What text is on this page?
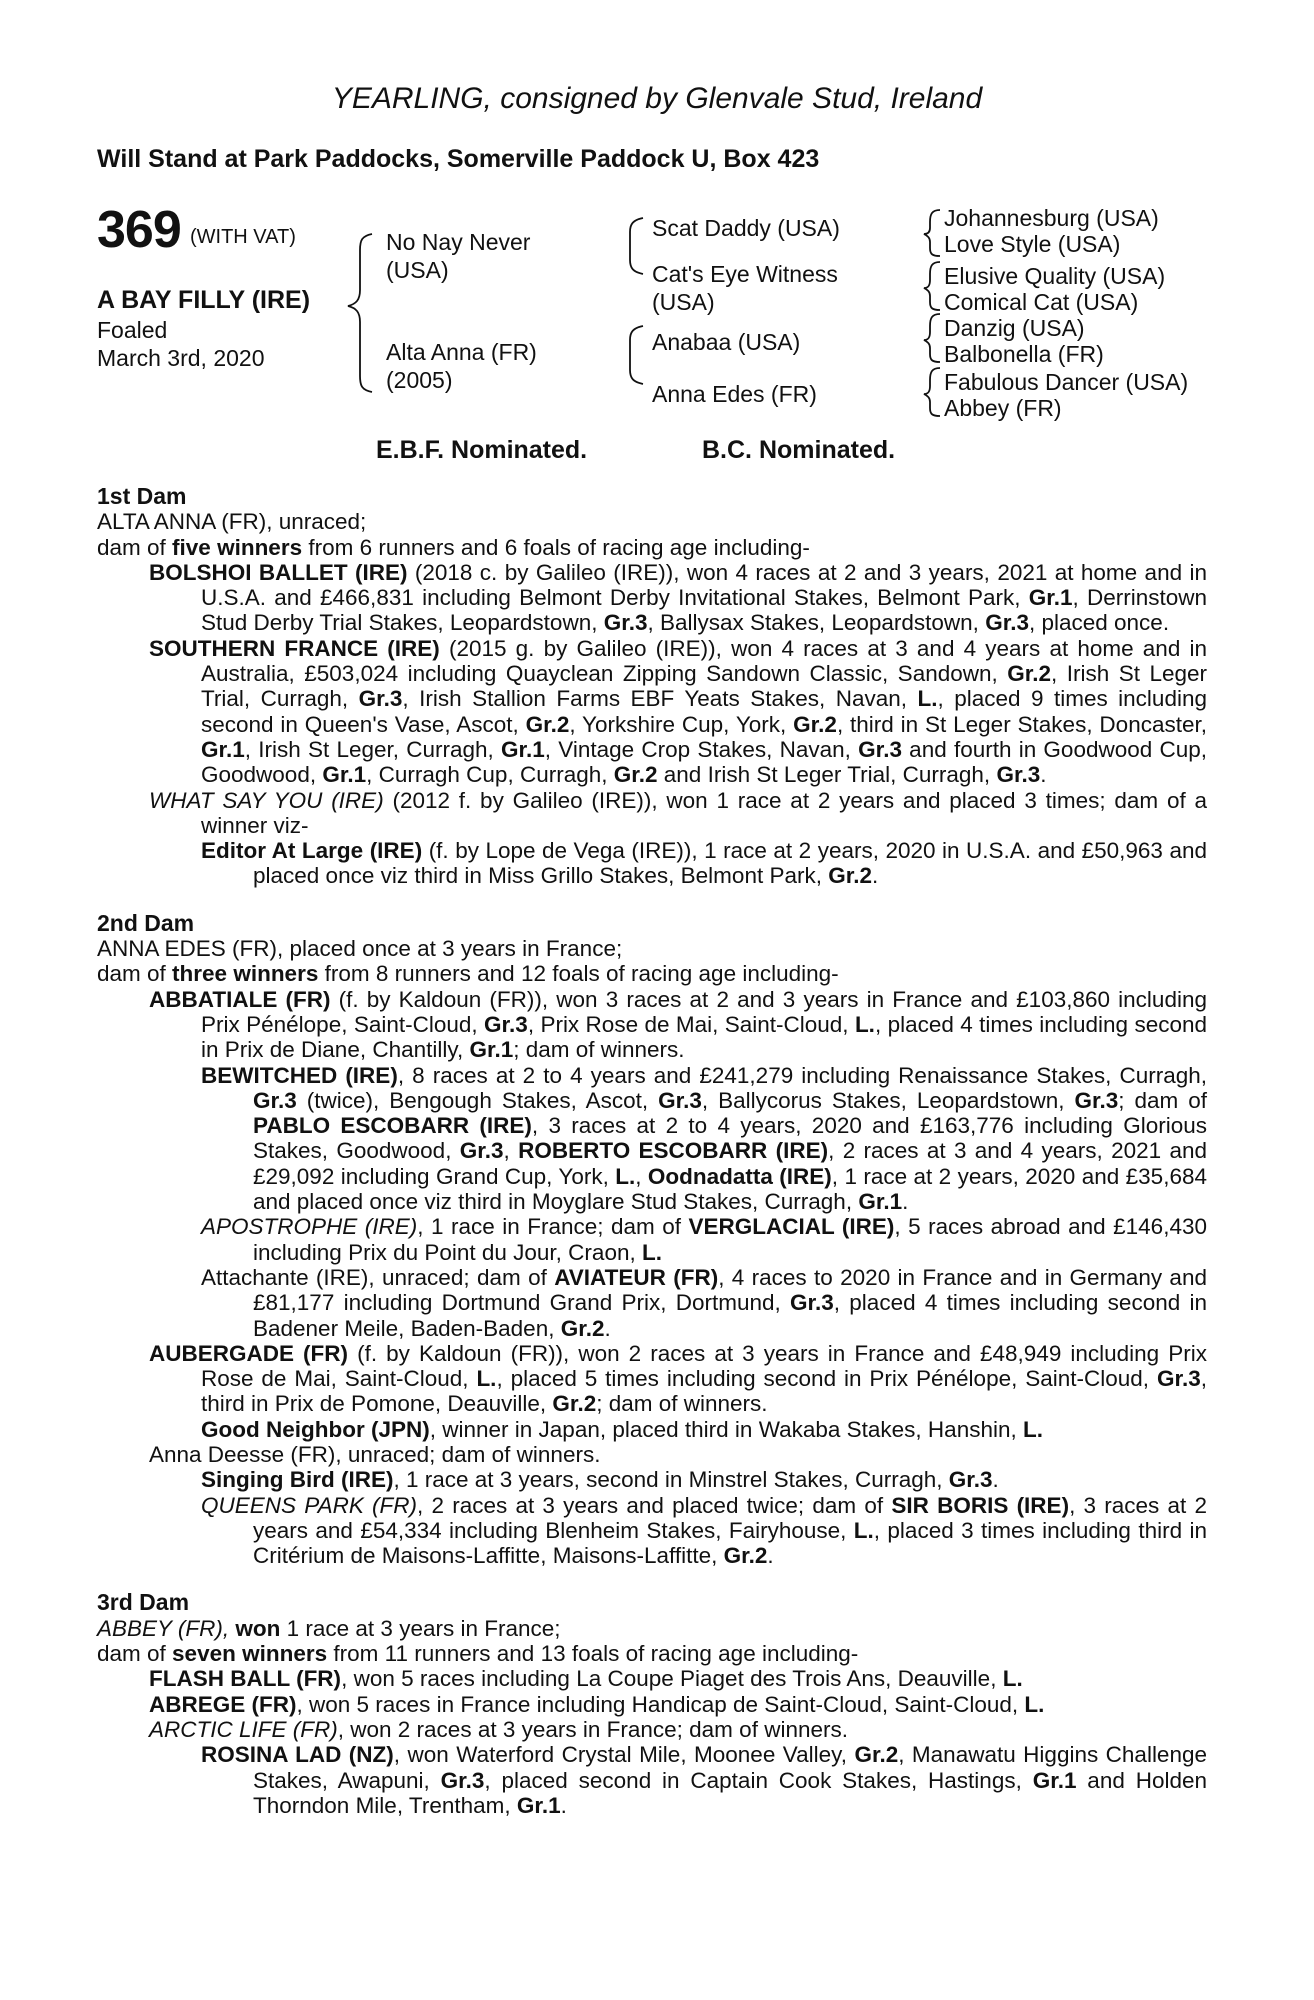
YEARLING, consigned by Glenvale Stud, Ireland
Will Stand at Park Paddocks, Somerville Paddock U, Box 423
369 (WITH VAT)
A BAY FILLY (IRE)
Foaled
March 3rd, 2020
No Nay Never
(USA)
Alta Anna (FR)
(2005)
Scat Daddy (USA)
Cat's Eye Witness
(USA)
Anabaa (USA)
Anna Edes (FR)
Johannesburg (USA)
Love Style (USA)
Elusive Quality (USA)
Comical Cat (USA)
Danzig (USA)
Balbonella (FR)
Fabulous Dancer (USA)
Abbey (FR)
E.B.F. Nominated.	B.C. Nominated.
1st Dam
ALTA ANNA (FR), unraced;
dam of five winners from 6 runners and 6 foals of racing age including-
BOLSHOI BALLET (IRE) (2018 c. by Galileo (IRE)), won 4 races at 2 and 3 years, 2021 at home and in U.S.A. and £466,831 including Belmont Derby Invitational Stakes, Belmont Park, Gr.1, Derrinstown Stud Derby Trial Stakes, Leopardstown, Gr.3, Ballysax Stakes, Leopardstown, Gr.3, placed once.
SOUTHERN FRANCE (IRE) (2015 g. by Galileo (IRE)), won 4 races at 3 and 4 years at home and in Australia, £503,024 including Quayclean Zipping Sandown Classic, Sandown, Gr.2, Irish St Leger Trial, Curragh, Gr.3, Irish Stallion Farms EBF Yeats Stakes, Navan, L., placed 9 times including second in Queen's Vase, Ascot, Gr.2, Yorkshire Cup, York, Gr.2, third in St Leger Stakes, Doncaster, Gr.1, Irish St Leger, Curragh, Gr.1, Vintage Crop Stakes, Navan, Gr.3 and fourth in Goodwood Cup, Goodwood, Gr.1, Curragh Cup, Curragh, Gr.2 and Irish St Leger Trial, Curragh, Gr.3.
WHAT SAY YOU (IRE) (2012 f. by Galileo (IRE)), won 1 race at 2 years and placed 3 times; dam of a winner viz-
Editor At Large (IRE) (f. by Lope de Vega (IRE)), 1 race at 2 years, 2020 in U.S.A. and £50,963 and placed once viz third in Miss Grillo Stakes, Belmont Park, Gr.2.
2nd Dam
ANNA EDES (FR), placed once at 3 years in France;
dam of three winners from 8 runners and 12 foals of racing age including-
ABBATIALE (FR) (f. by Kaldoun (FR)), won 3 races at 2 and 3 years in France and £103,860 including Prix Pénélope, Saint-Cloud, Gr.3, Prix Rose de Mai, Saint-Cloud, L., placed 4 times including second in Prix de Diane, Chantilly, Gr.1; dam of winners.
BEWITCHED (IRE), 8 races at 2 to 4 years and £241,279 including Renaissance Stakes, Curragh, Gr.3 (twice), Bengough Stakes, Ascot, Gr.3, Ballycorus Stakes, Leopardstown, Gr.3; dam of PABLO ESCOBARR (IRE), 3 races at 2 to 4 years, 2020 and £163,776 including Glorious Stakes, Goodwood, Gr.3, ROBERTO ESCOBARR (IRE), 2 races at 3 and 4 years, 2021 and £29,092 including Grand Cup, York, L., Oodnadatta (IRE), 1 race at 2 years, 2020 and £35,684 and placed once viz third in Moyglare Stud Stakes, Curragh, Gr.1.
APOSTROPHE (IRE), 1 race in France; dam of VERGLACIAL (IRE), 5 races abroad and £146,430 including Prix du Point du Jour, Craon, L.
Attachante (IRE), unraced; dam of AVIATEUR (FR), 4 races to 2020 in France and in Germany and £81,177 including Dortmund Grand Prix, Dortmund, Gr.3, placed 4 times including second in Badener Meile, Baden-Baden, Gr.2.
AUBERGADE (FR) (f. by Kaldoun (FR)), won 2 races at 3 years in France and £48,949 including Prix Rose de Mai, Saint-Cloud, L., placed 5 times including second in Prix Pénélope, Saint-Cloud, Gr.3, third in Prix de Pomone, Deauville, Gr.2; dam of winners.
Good Neighbor (JPN), winner in Japan, placed third in Wakaba Stakes, Hanshin, L.
Anna Deesse (FR), unraced; dam of winners.
Singing Bird (IRE), 1 race at 3 years, second in Minstrel Stakes, Curragh, Gr.3.
QUEENS PARK (FR), 2 races at 3 years and placed twice; dam of SIR BORIS (IRE), 3 races at 2 years and £54,334 including Blenheim Stakes, Fairyhouse, L., placed 3 times including third in Critérium de Maisons-Laffitte, Maisons-Laffitte, Gr.2.
3rd Dam
ABBEY (FR), won 1 race at 3 years in France;
dam of seven winners from 11 runners and 13 foals of racing age including-
FLASH BALL (FR), won 5 races including La Coupe Piaget des Trois Ans, Deauville, L.
ABREGE (FR), won 5 races in France including Handicap de Saint-Cloud, Saint-Cloud, L.
ARCTIC LIFE (FR), won 2 races at 3 years in France; dam of winners.
ROSINA LAD (NZ), won Waterford Crystal Mile, Moonee Valley, Gr.2, Manawatu Higgins Challenge Stakes, Awapuni, Gr.3, placed second in Captain Cook Stakes, Hastings, Gr.1 and Holden Thorndon Mile, Trentham, Gr.1.
